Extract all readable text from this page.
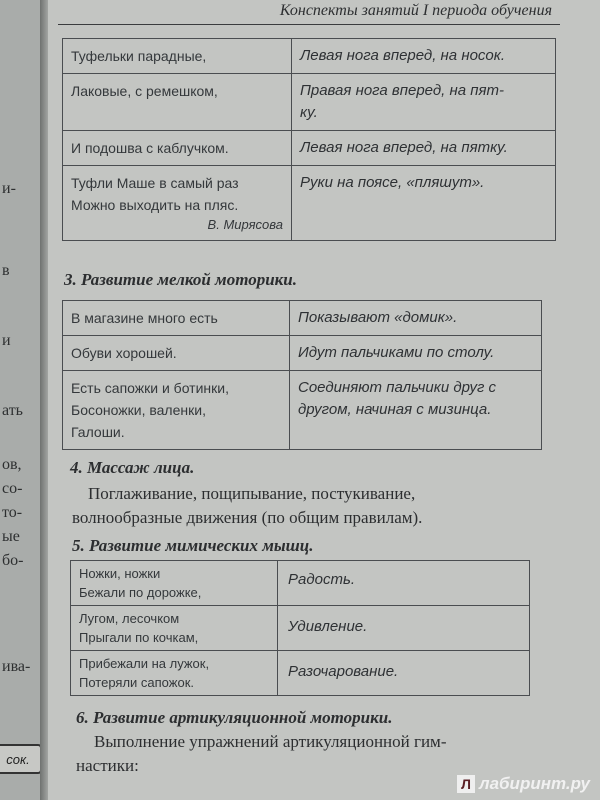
и-
в
и
ать
ов,
со-
то-
ые
бо-
ива-
сок.
Конспекты занятий I периода обучения
Туфельки парадные,	Левая нога вперед, на носок.

Лаковые, с ремешком,	Правая нога вперед, на пят-
ку.

И подошва с каблучком.	Левая нога вперед, на пятку.

Туфли Маше в самый раз
Можно выходить на пляс.
В. Мирясова	Руки на поясе, «пляшут».
3. Развитие мелкой моторики.
В магазине много есть	Показывают «домик».

Обуви хорошей.	Идут пальчиками по столу.

Есть сапожки и ботинки,
Босоножки, валенки,
Галоши.	Соединяют пальчики друг с
другом, начиная с мизинца.
4. Массаж лица.
Поглаживание, пощипывание, постукивание,
волнообразные движения (по общим правилам).
5. Развитие мимических мышц.
Ножки, ножки
Бежали по дорожке,	Радость.

Лугом, лесочком
Прыгали по кочкам,	Удивление.

Прибежали на лужок,
Потеряли сапожок.	Разочарование.
6. Развитие артикуляционной моторики.
Выполнение упражнений артикуляционной гим-
настики:
Л лабиринт.ру
